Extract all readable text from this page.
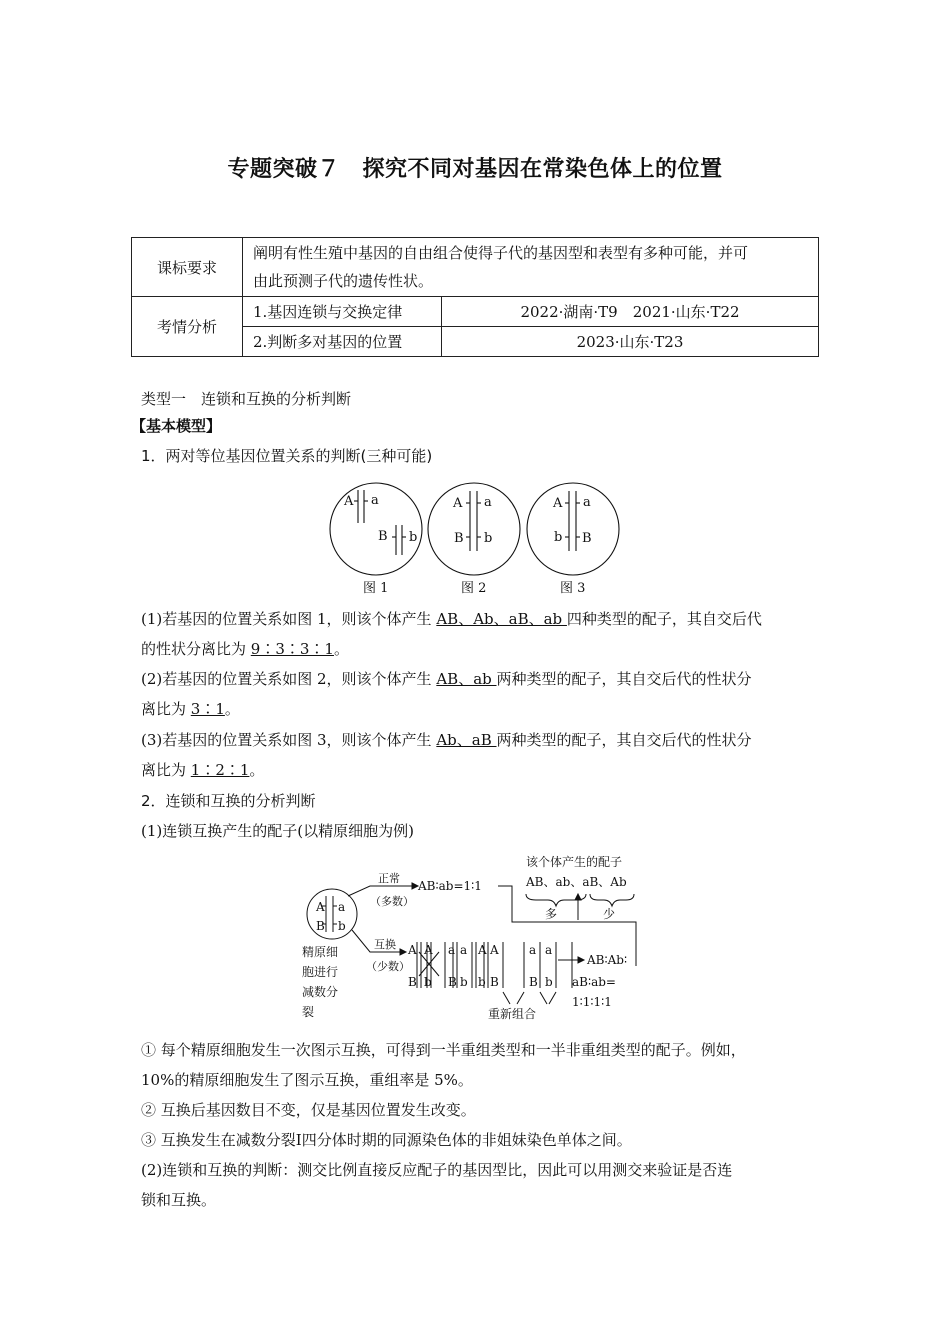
专题突破７　探究不同对基因在常染色体上的位置
课标要求	阐明有性生殖中基因的自由组合使得子代的基因型和表型有多种可能，并可
由此预测子代的遗传性状。	
考情分析	1.基因连锁与交换定律	2022·湖南·T9　2021·山东·T22
	2.判断多对基因的位置	2023·山东·T23
类型一　连锁和互换的分析判断
【基本模型】
1．两对等位基因位置关系的判断(三种可能)
A a
B b
A a
B b
A a
b B
图 1	图 2	图 3
(1)若基因的位置关系如图 1，则该个体产生 AB、Ab、aB、ab 四种类型的配子，其自交后代
的性状分离比为 9∶3∶3∶1。
(2)若基因的位置关系如图 2，则该个体产生 AB、ab 两种类型的配子，其自交后代的性状分
离比为 3∶1。
(3)若基因的位置关系如图 3，则该个体产生 Ab、aB 两种类型的配子，其自交后代的性状分
离比为 1∶2∶1。
2．连锁和互换的分析判断
(1)连锁互换产生的配子(以精原细胞为例)
A a
B b
正常
（多数）
AB∶ab=1∶1
该个体产生的配子
AB、ab、aB、Ab
多	少
精原细
胞进行
减数分
裂
互换
（少数）
A A a a A A
B b B b b B
a a
B b
重新组合
AB∶Ab∶
aB∶ab=
1∶1∶1∶1
① 每个精原细胞发生一次图示互换，可得到一半重组类型和一半非重组类型的配子。例如，
10%的精原细胞发生了图示互换，重组率是 5%。
② 互换后基因数目不变，仅是基因位置发生改变。
③ 互换发生在减数分裂Ⅰ四分体时期的同源染色体的非姐妹染色单体之间。
(2)连锁和互换的判断：测交比例直接反应配子的基因型比，因此可以用测交来验证是否连
锁和互换。
